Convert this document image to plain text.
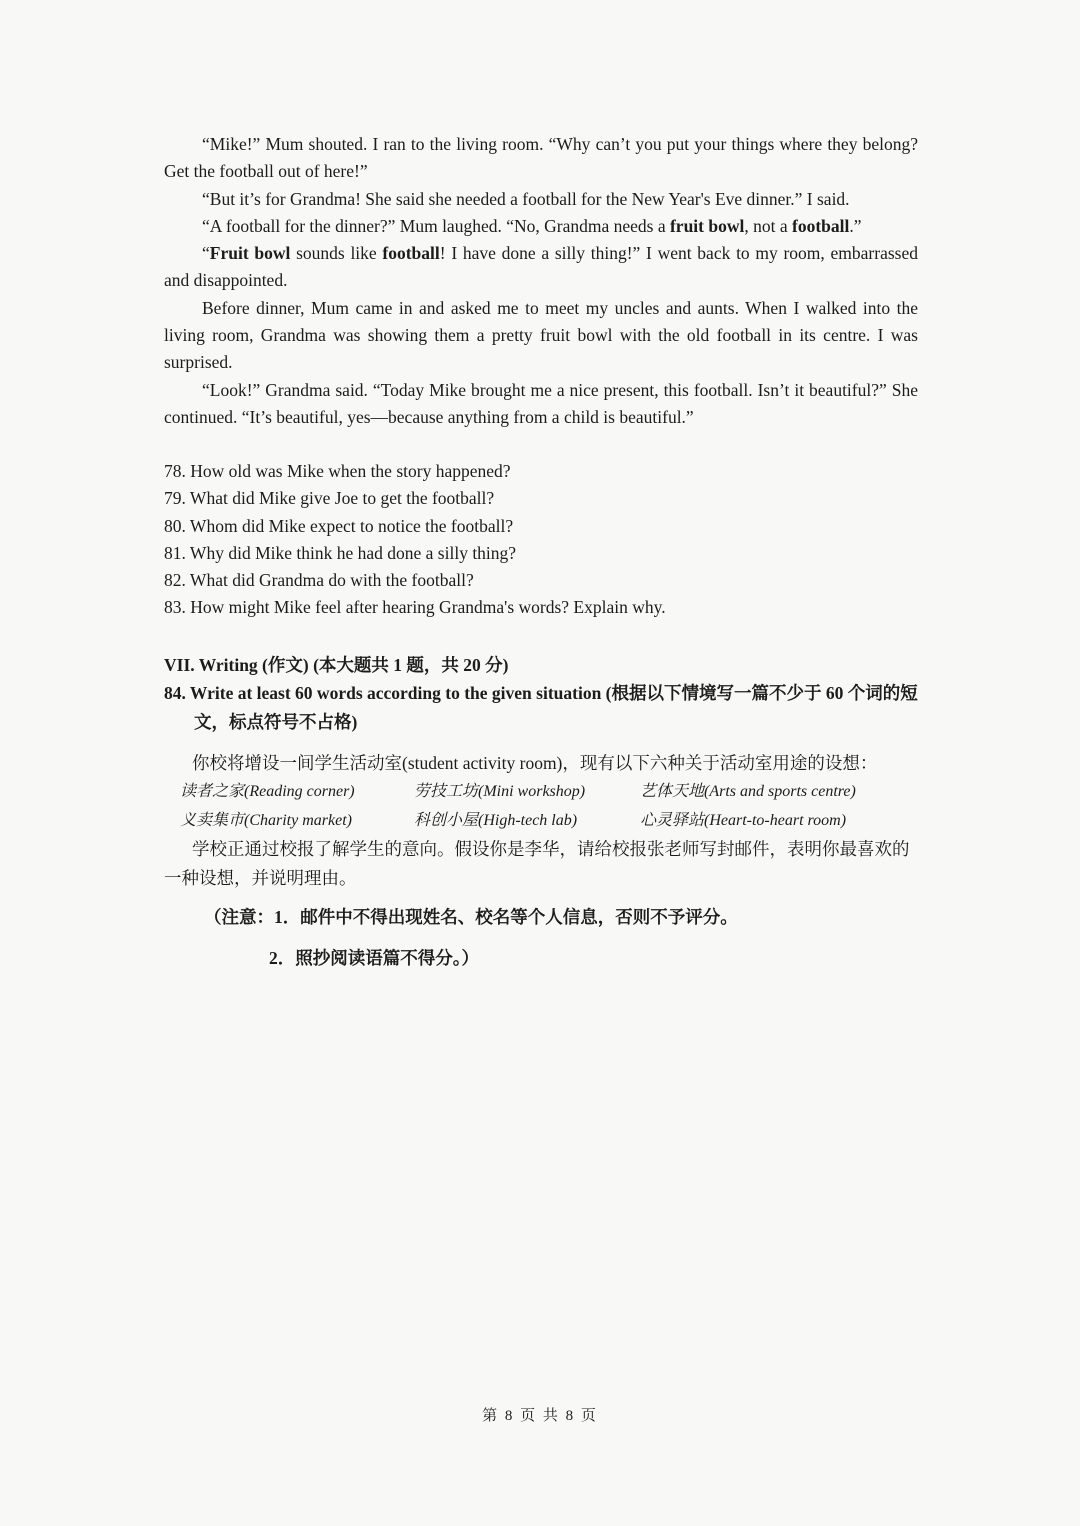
“Mike!” Mum shouted. I ran to the living room. “Why can’t you put your things where they belong? Get the football out of here!”

“But it’s for Grandma! She said she needed a football for the New Year's Eve dinner.” I said.

“A football for the dinner?” Mum laughed. “No, Grandma needs a fruit bowl, not a football.”

“Fruit bowl sounds like football! I have done a silly thing!” I went back to my room, embarrassed and disappointed.

Before dinner, Mum came in and asked me to meet my uncles and aunts. When I walked into the living room, Grandma was showing them a pretty fruit bowl with the old football in its centre. I was surprised.

“Look!” Grandma said. “Today Mike brought me a nice present, this football. Isn’t it beautiful?” She continued. “It’s beautiful, yes—because anything from a child is beautiful.”

78. How old was Mike when the story happened?

79. What did Mike give Joe to get the football?

80. Whom did Mike expect to notice the football?

81. Why did Mike think he had done a silly thing?

82. What did Grandma do with the football?

83. How might Mike feel after hearing Grandma's words? Explain why.

VII. Writing (作文) (本大题共 1 题，共 20 分)
84. Write at least 60 words according to the given situation (根据以下情境写一篇不少于 60 个词的短文，标点符号不占格)
你校将增设一间学生活动室(student activity room)，现有以下六种关于活动室用途的设想：
读者之家(Reading corner)	劳技工坊(Mini workshop)	艺体天地(Arts and sports centre)
义卖集市(Charity market)	科创小屋(High-tech lab)	心灵驿站(Heart-to-heart room)
学校正通过校报了解学生的意向。假设你是李华，请给校报张老师写封邮件，表明你最喜欢的一种设想，并说明理由。
（注意：1．邮件中不得出现姓名、校名等个人信息，否则不予评分。
2．照抄阅读语篇不得分。）
第 8 页 共 8 页
